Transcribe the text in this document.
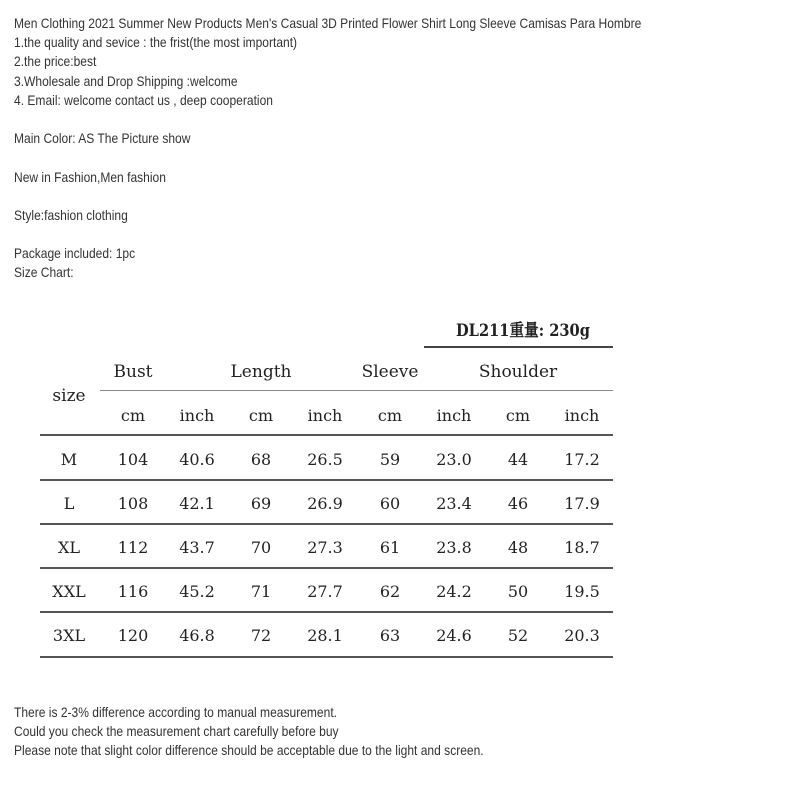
Men Clothing 2021 Summer New Products Men's Casual 3D Printed Flower Shirt Long Sleeve Camisas Para Hombre
1.the quality and sevice : the frist(the most important)
2.the price:best
3.Wholesale and Drop Shipping :welcome
4. Email: welcome contact us , deep cooperation
Main Color: AS The Picture show
New in Fashion,Men fashion
Style:fashion clothing
Package included: 1pc
Size Chart:
DL211重量: 230g
size
Bust	Length	Sleeve	Shoulder
cm inch cm inch cm inch cm inch
M	104 40.6 68 26.5 59 23.0 44 17.2
L	108 42.1 69 26.9 60 23.4 46 17.9
XL 112 43.7 70 27.3 61 23.8 48 18.7
XXL 116 45.2 71 27.7 62 24.2 50 19.5
3XL 120 46.8 72 28.1 63 24.6 52 20.3
There is 2-3% difference according to manual measurement.
Could you check the measurement chart carefully before buy
Please note that slight color difference should be acceptable due to the light and screen.
